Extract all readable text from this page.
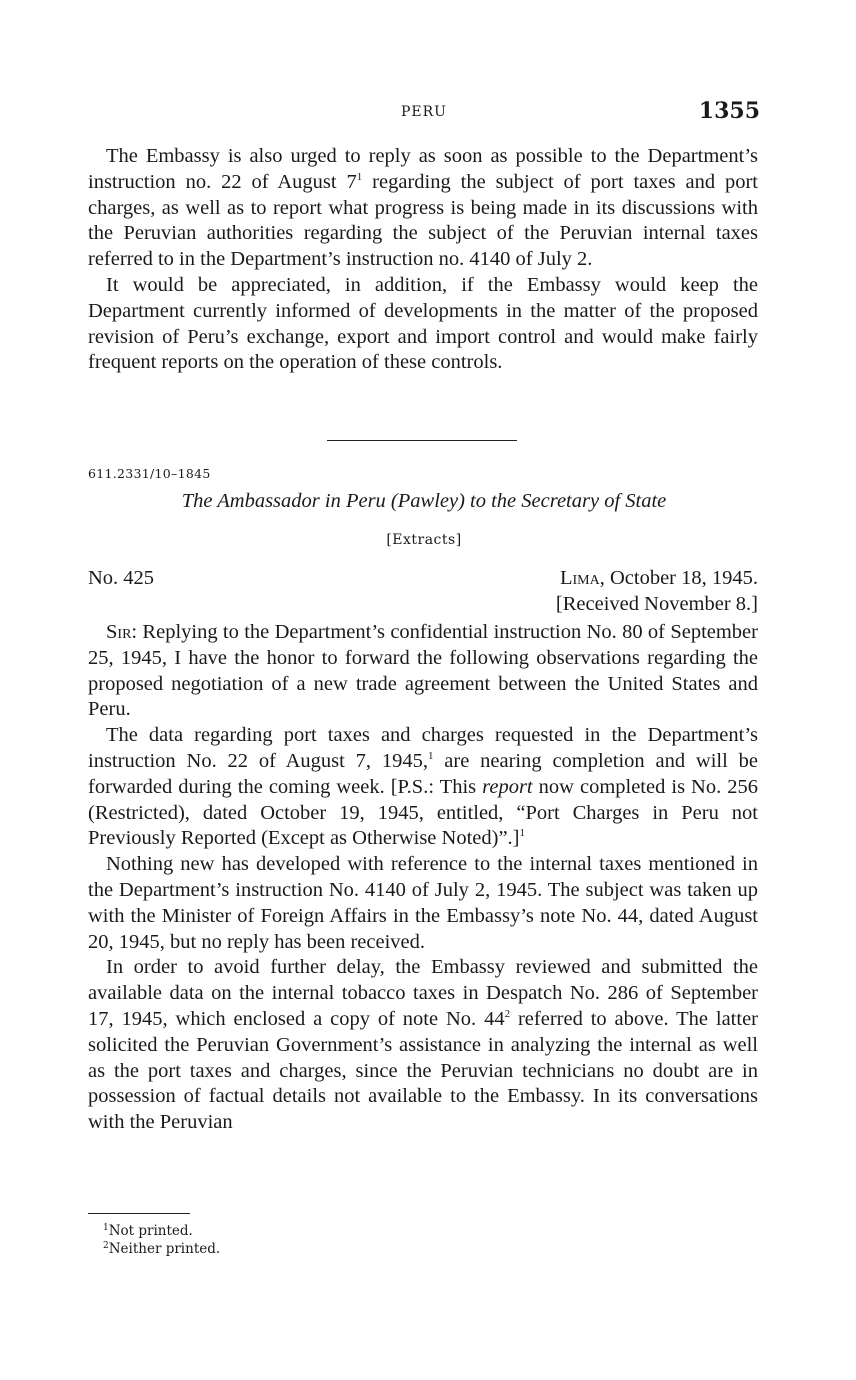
PERU	1355

The Embassy is also urged to reply as soon as possible to the Department’s instruction no. 22 of August $7^1$ regarding the subject of port taxes and port charges, as well as to report what progress is being made in its discussions with the Peruvian authorities regarding the subject of the Peruvian internal taxes referred to in the Department’s instruction no. 4140 of July 2.

It would be appreciated, in addition, if the Embassy would keep the Department currently informed of developments in the matter of the proposed revision of Peru’s exchange, export and import control and would make fairly frequent reports on the operation of these controls.

611.2331/10–1845
The Ambassador in Peru (Pawley) to the Secretary of State
[Extracts]
No. 425	Lima, October 18, 1945.
[Received November 8.]

Sir: Replying to the Department’s confidential instruction No. 80 of September 25, 1945, I have the honor to forward the following observations regarding the proposed negotiation of a new trade agreement between the United States and Peru.

The data regarding port taxes and charges requested in the Department’s instruction No. 22 of August 7, 1945,$^1$ are nearing completion and will be forwarded during the coming week. [P.S.: This report now completed is No. 256 (Restricted), dated October 19, 1945, entitled, “Port Charges in Peru not Previously Reported (Except as Otherwise Noted)”.]$^1$

Nothing new has developed with reference to the internal taxes mentioned in the Department’s instruction No. 4140 of July 2, 1945. The subject was taken up with the Minister of Foreign Affairs in the Embassy’s note No. 44, dated August 20, 1945, but no reply has been received.

In order to avoid further delay, the Embassy reviewed and submitted the available data on the internal tobacco taxes in Despatch No. 286 of September 17, 1945, which enclosed a copy of note No. $44^2$ referred to above. The latter solicited the Peruvian Government’s assistance in analyzing the internal as well as the port taxes and charges, since the Peruvian technicians no doubt are in possession of factual details not available to the Embassy. In its conversations with the Peruvian

$^1$Not printed.
$^2$Neither printed.
